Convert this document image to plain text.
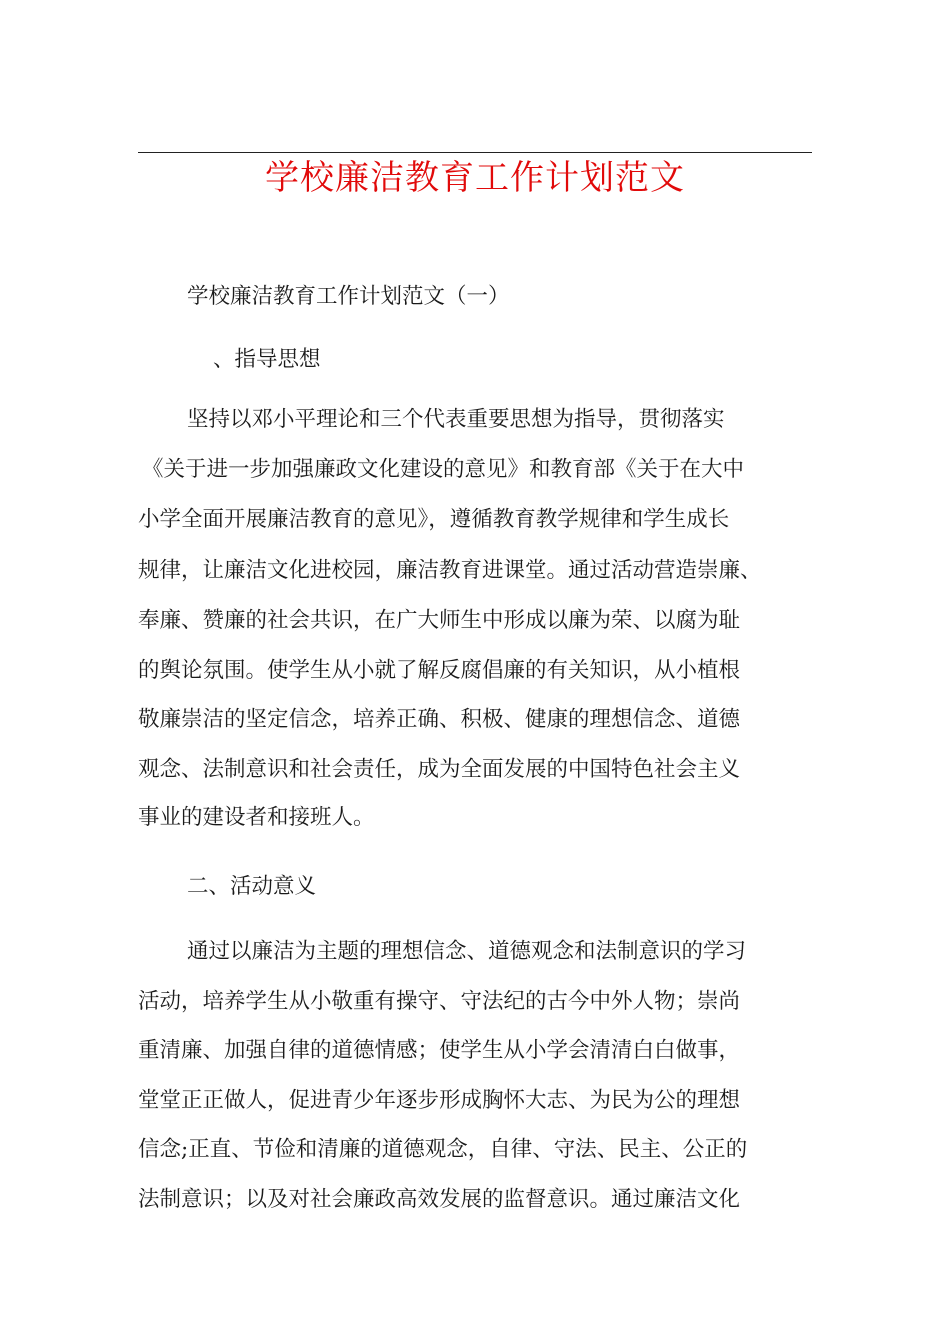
学校廉洁教育工作计划范文
学校廉洁教育工作计划范文（一）
、指导思想
坚持以邓小平理论和三个代表重要思想为指导，贯彻落实
《关于进一步加强廉政文化建设的意见》和教育部《关于在大中
小学全面开展廉洁教育的意见》，遵循教育教学规律和学生成长
规律，让廉洁文化进校园，廉洁教育进课堂。通过活动营造崇廉、
奉廉、赞廉的社会共识，在广大师生中形成以廉为荣、以腐为耻
的舆论氛围。使学生从小就了解反腐倡廉的有关知识，从小植根
敬廉崇洁的坚定信念，培养正确、积极、健康的理想信念、道德
观念、法制意识和社会责任，成为全面发展的中国特色社会主义
事业的建设者和接班人。
二、活动意义
通过以廉洁为主题的理想信念、道德观念和法制意识的学习
活动，培养学生从小敬重有操守、守法纪的古今中外人物；崇尚
重清廉、加强自律的道德情感；使学生从小学会清清白白做事，
堂堂正正做人，促进青少年逐步形成胸怀大志、为民为公的理想
信念;正直、节俭和清廉的道德观念，自律、守法、民主、公正的
法制意识；以及对社会廉政高效发展的监督意识。通过廉洁文化
